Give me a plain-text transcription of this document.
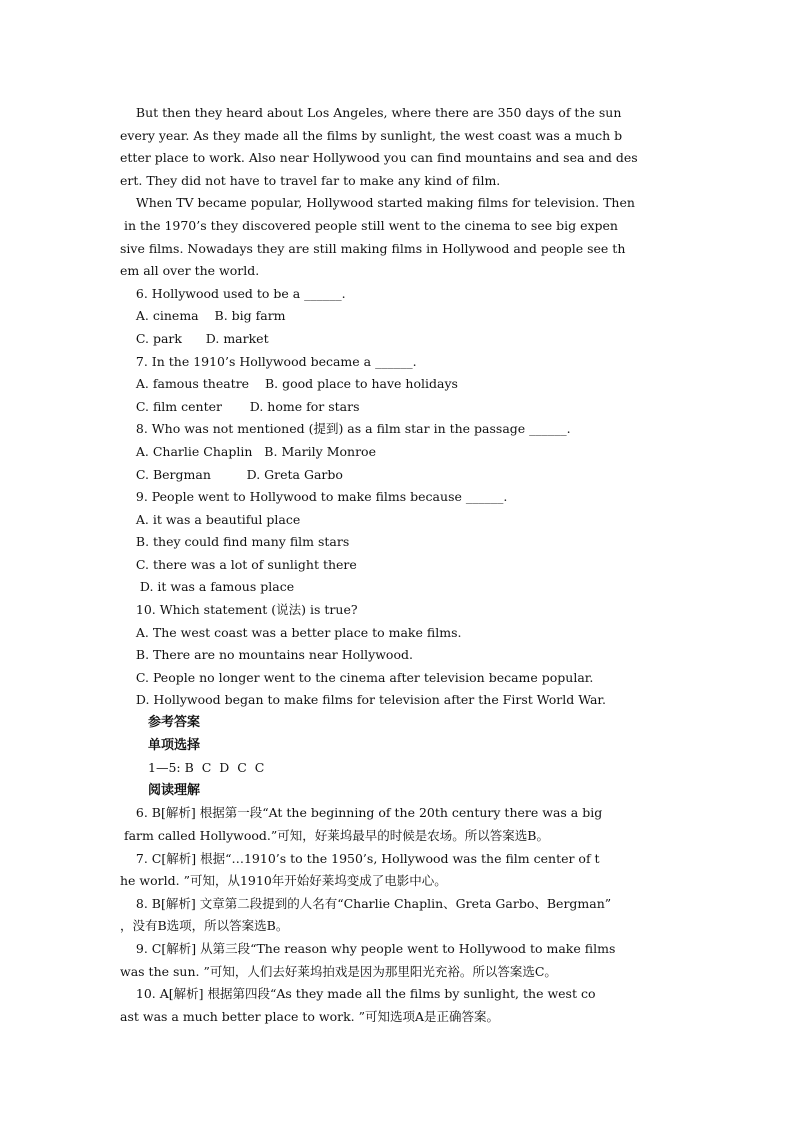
But then they heard about Los Angeles, where there are 350 days of the sun
every year. As they made all the films by sunlight, the west coast was a much b
etter place to work. Also near Hollywood you can find mountains and sea and des
ert. They did not have to travel far to make any kind of film.
When TV became popular, Hollywood started making films for television. Then
in the 1970’s they discovered people still went to the cinema to see big expen
sive films. Nowadays they are still making films in Hollywood and people see th
em all over the world.
6. Hollywood used to be a ______.
A. cinema    B. big farm
C. park      D. market
7. In the 1910’s Hollywood became a ______.
A. famous theatre    B. good place to have holidays
C. film center       D. home for stars
8. Who was not mentioned (提到) as a film star in the passage ______.
A. Charlie Chaplin   B. Marily Monroe
C. Bergman         D. Greta Garbo
9. People went to Hollywood to make films because ______.
A. it was a beautiful place
B. they could find many film stars
C. there was a lot of sunlight there
D. it was a famous place
10. Which statement (说法) is true?
A. The west coast was a better place to make films.
B. There are no mountains near Hollywood.
C. People no longer went to the cinema after television became popular.
D. Hollywood began to make films for television after the First World War.
参考答案
单项选择
1—5: B  C  D  C  C
阅读理解
6. B[解析] 根据第一段“At the beginning of the 20th century there was a big
farm called Hollywood.”可知，好莱坞最早的时候是农场。所以答案选B。
7. C[解析] 根据“…1910’s to the 1950’s, Hollywood was the film center of t
he world. ”可知，从1910年开始好莱坞变成了电影中心。
8. B[解析] 文章第二段提到的人名有“Charlie Chaplin、Greta Garbo、Bergman”
，没有B选项，所以答案选B。
9. C[解析] 从第三段“The reason why people went to Hollywood to make films
was the sun. ”可知，人们去好莱坞拍戏是因为那里阳光充裕。所以答案选C。
10. A[解析] 根据第四段“As they made all the films by sunlight, the west co
ast was a much better place to work. ”可知选项A是正确答案。
